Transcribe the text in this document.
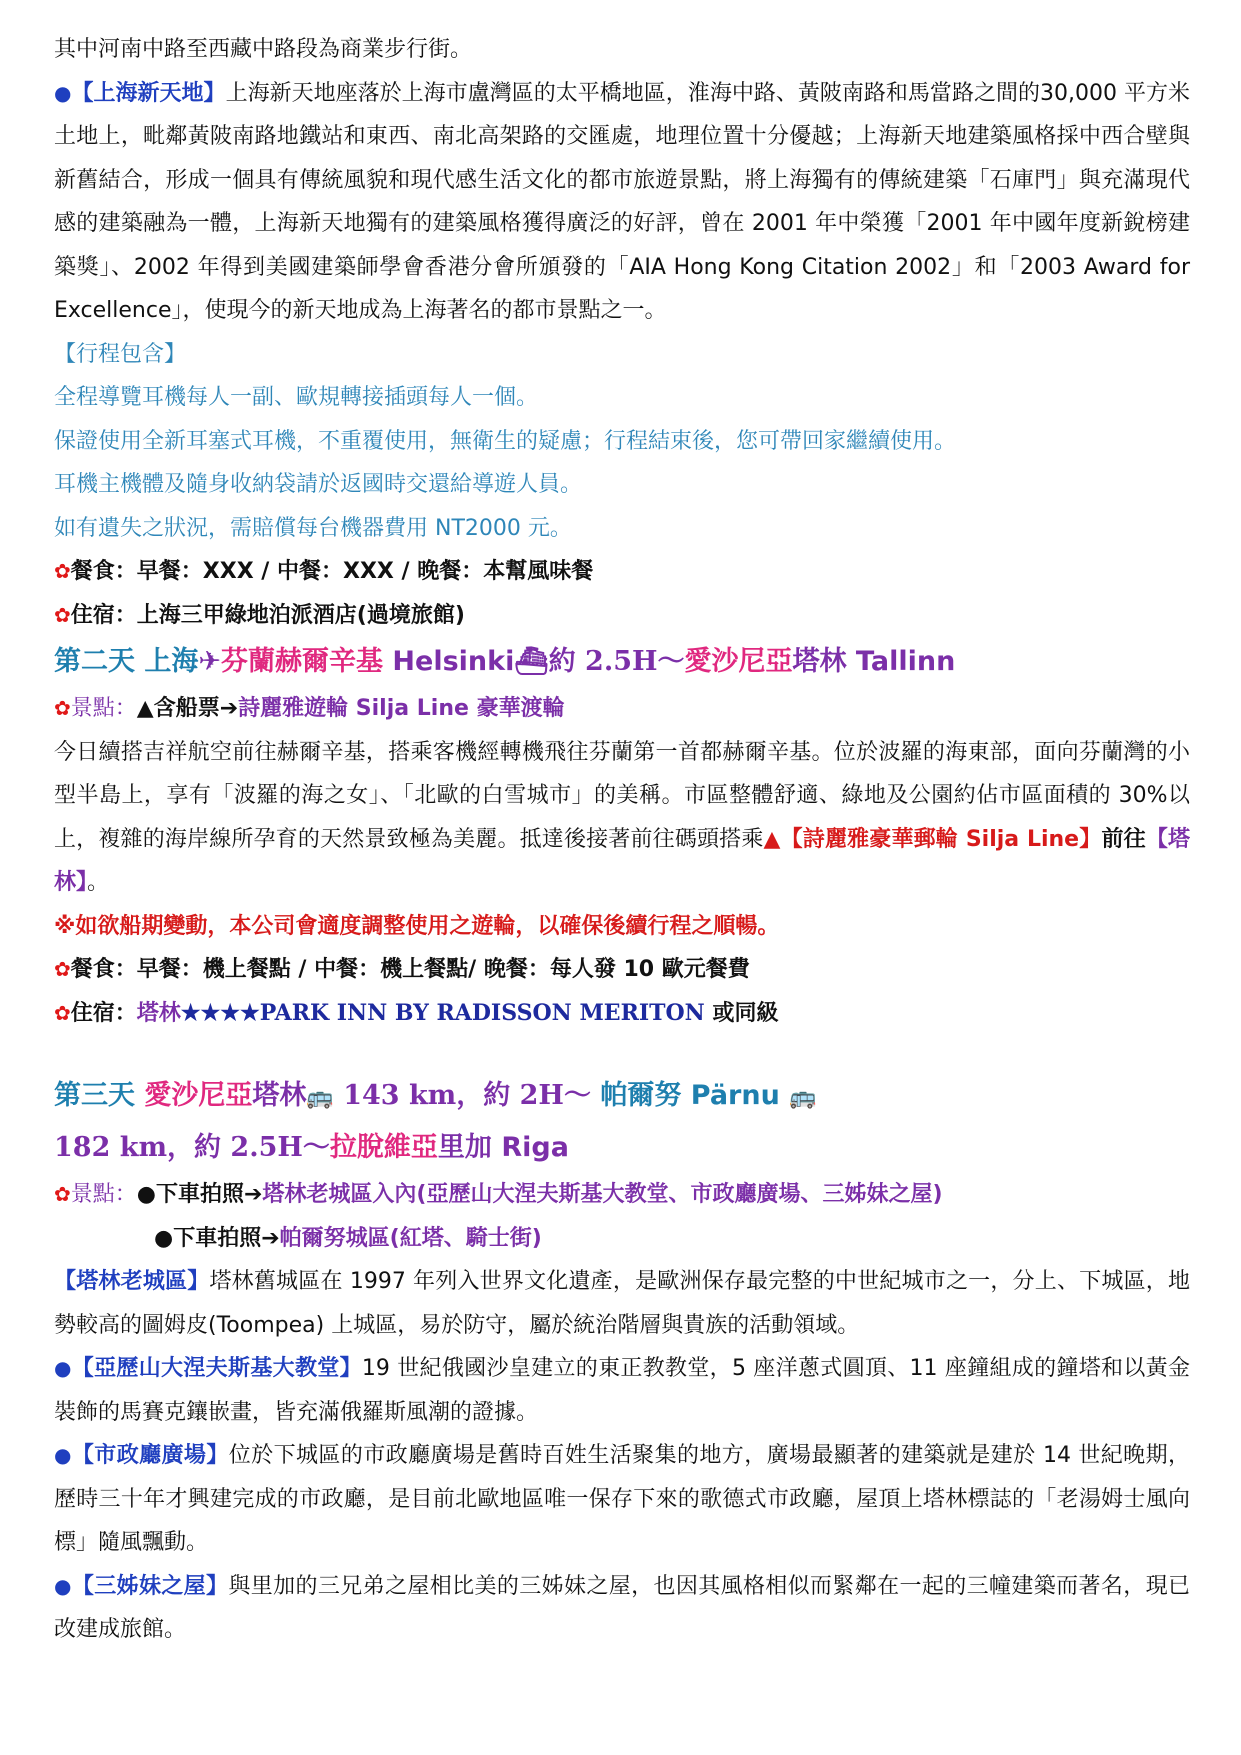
其中河南中路至西藏中路段為商業步行街。

●【上海新天地】上海新天地座落於上海市盧灣區的太平橋地區，淮海中路、黃陂南路和馬當路之間的30,000 平方米土地上，毗鄰黃陂南路地鐵站和東西、南北高架路的交匯處，地理位置十分優越；上海新天地建築風格採中西合壁與新舊結合，形成一個具有傳統風貌和現代感生活文化的都市旅遊景點，將上海獨有的傳統建築「石庫門」與充滿現代感的建築融為一體，上海新天地獨有的建築風格獲得廣泛的好評，曾在 2001 年中榮獲「2001 年中國年度新銳榜建築獎」、2002 年得到美國建築師學會香港分會所頒發的「AIA Hong Kong Citation 2002」和「2003 Award for Excellence」，使現今的新天地成為上海著名的都市景點之一。

【行程包含】

全程導覽耳機每人一副、歐規轉接插頭每人一個。

保證使用全新耳塞式耳機，不重覆使用，無衛生的疑慮；行程結束後，您可帶回家繼續使用。

耳機主機體及隨身收納袋請於返國時交還給導遊人員。

如有遺失之狀況，需賠償每台機器費用 NT2000 元。

✿餐食：早餐：XXX / 中餐：XXX / 晚餐：本幫風味餐

✿住宿：上海三甲綠地泊派酒店(過境旅館)

第二天 上海✈芬蘭赫爾辛基 Helsinki⛴約 2.5H～愛沙尼亞塔林 Tallinn

✿景點：▲含船票➔詩麗雅遊輪 Silja Line 豪華渡輪

今日續搭吉祥航空前往赫爾辛基，搭乘客機經轉機飛往芬蘭第一首都赫爾辛基。位於波羅的海東部，面向芬蘭灣的小型半島上，享有「波羅的海之女」、「北歐的白雪城市」的美稱。市區整體舒適、綠地及公園約佔市區面積的 30%以上，複雜的海岸線所孕育的天然景致極為美麗。抵達後接著前往碼頭搭乘▲【詩麗雅豪華郵輪 Silja Line】前往【塔林】。

※如欲船期變動，本公司會適度調整使用之遊輪，以確保後續行程之順暢。

✿餐食：早餐：機上餐點 / 中餐：機上餐點/ 晚餐：每人發 10 歐元餐費

✿住宿：塔林★★★★PARK INN BY RADISSON MERITON 或同級

第三天 愛沙尼亞塔林🚌 143 km，約 2H～ 帕爾努 Pärnu 🚌

182 km，約 2.5H～拉脫維亞里加 Riga

✿景點：●下車拍照➔塔林老城區入內(亞歷山大涅夫斯基大教堂、市政廳廣場、三姊妹之屋)

●下車拍照➔帕爾努城區(紅塔、騎士街)

【塔林老城區】塔林舊城區在 1997 年列入世界文化遺產，是歐洲保存最完整的中世紀城市之一，分上、下城區，地勢較高的圖姆皮(Toompea) 上城區，易於防守，屬於統治階層與貴族的活動領域。

●【亞歷山大涅夫斯基大教堂】19 世紀俄國沙皇建立的東正教教堂，5 座洋蔥式圓頂、11 座鐘組成的鐘塔和以黃金裝飾的馬賽克鑲嵌畫，皆充滿俄羅斯風潮的證據。

●【市政廳廣場】位於下城區的市政廳廣場是舊時百姓生活聚集的地方，廣場最顯著的建築就是建於 14 世紀晚期，歷時三十年才興建完成的市政廳，是目前北歐地區唯一保存下來的歌德式市政廳，屋頂上塔林標誌的「老湯姆士風向標」隨風飄動。

●【三姊妹之屋】與里加的三兄弟之屋相比美的三姊妹之屋，也因其風格相似而緊鄰在一起的三幢建築而著名，現已改建成旅館。
